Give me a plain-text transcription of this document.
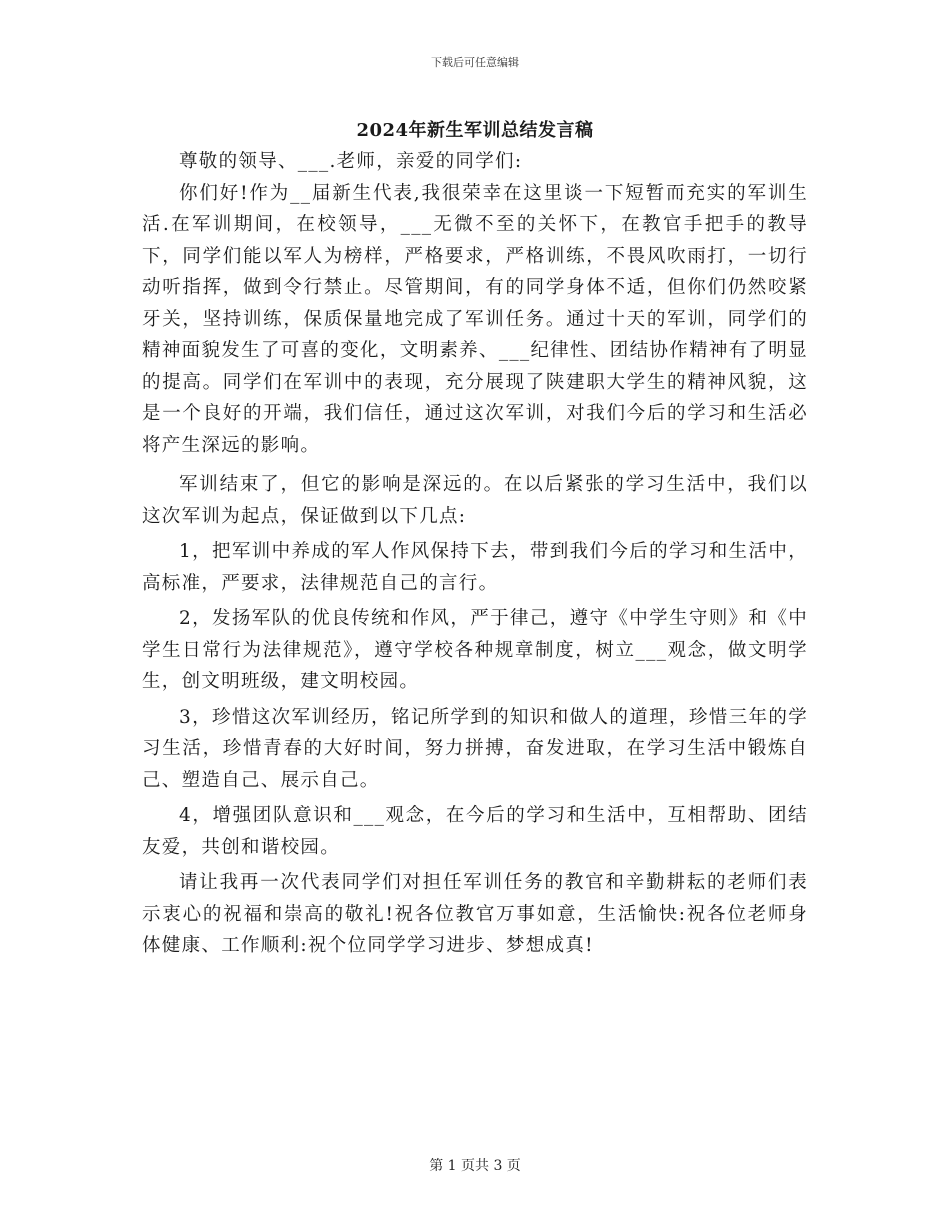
下载后可任意编辑
2024年新生军训总结发言稿

尊敬的领导、___.老师，亲爱的同学们:

你们好!作为__届新生代表,我很荣幸在这里谈一下短暂而充实的军训生活.在军训期间，在校领导，___无微不至的关怀下，在教官手把手的教导下，同学们能以军人为榜样，严格要求，严格训练，不畏风吹雨打，一切行动听指挥，做到令行禁止。尽管期间，有的同学身体不适，但你们仍然咬紧牙关，坚持训练，保质保量地完成了军训任务。通过十天的军训，同学们的精神面貌发生了可喜的变化，文明素养、___纪律性、团结协作精神有了明显的提高。同学们在军训中的表现，充分展现了陕建职大学生的精神风貌，这是一个良好的开端，我们信任，通过这次军训，对我们今后的学习和生活必将产生深远的影响。

军训结束了，但它的影响是深远的。在以后紧张的学习生活中，我们以这次军训为起点，保证做到以下几点:

1，把军训中养成的军人作风保持下去，带到我们今后的学习和生活中，高标准，严要求，法律规范自己的言行。

2，发扬军队的优良传统和作风，严于律己，遵守《中学生守则》和《中学生日常行为法律规范》，遵守学校各种规章制度，树立___观念，做文明学生，创文明班级，建文明校园。

3，珍惜这次军训经历，铭记所学到的知识和做人的道理，珍惜三年的学习生活，珍惜青春的大好时间，努力拼搏，奋发进取，在学习生活中锻炼自己、塑造自己、展示自己。

4，增强团队意识和___观念，在今后的学习和生活中，互相帮助、团结友爱，共创和谐校园。

请让我再一次代表同学们对担任军训任务的教官和辛勤耕耘的老师们表示衷心的祝福和崇高的敬礼!祝各位教官万事如意，生活愉快:祝各位老师身体健康、工作顺利:祝个位同学学习进步、梦想成真!

第 1 页共 3 页
